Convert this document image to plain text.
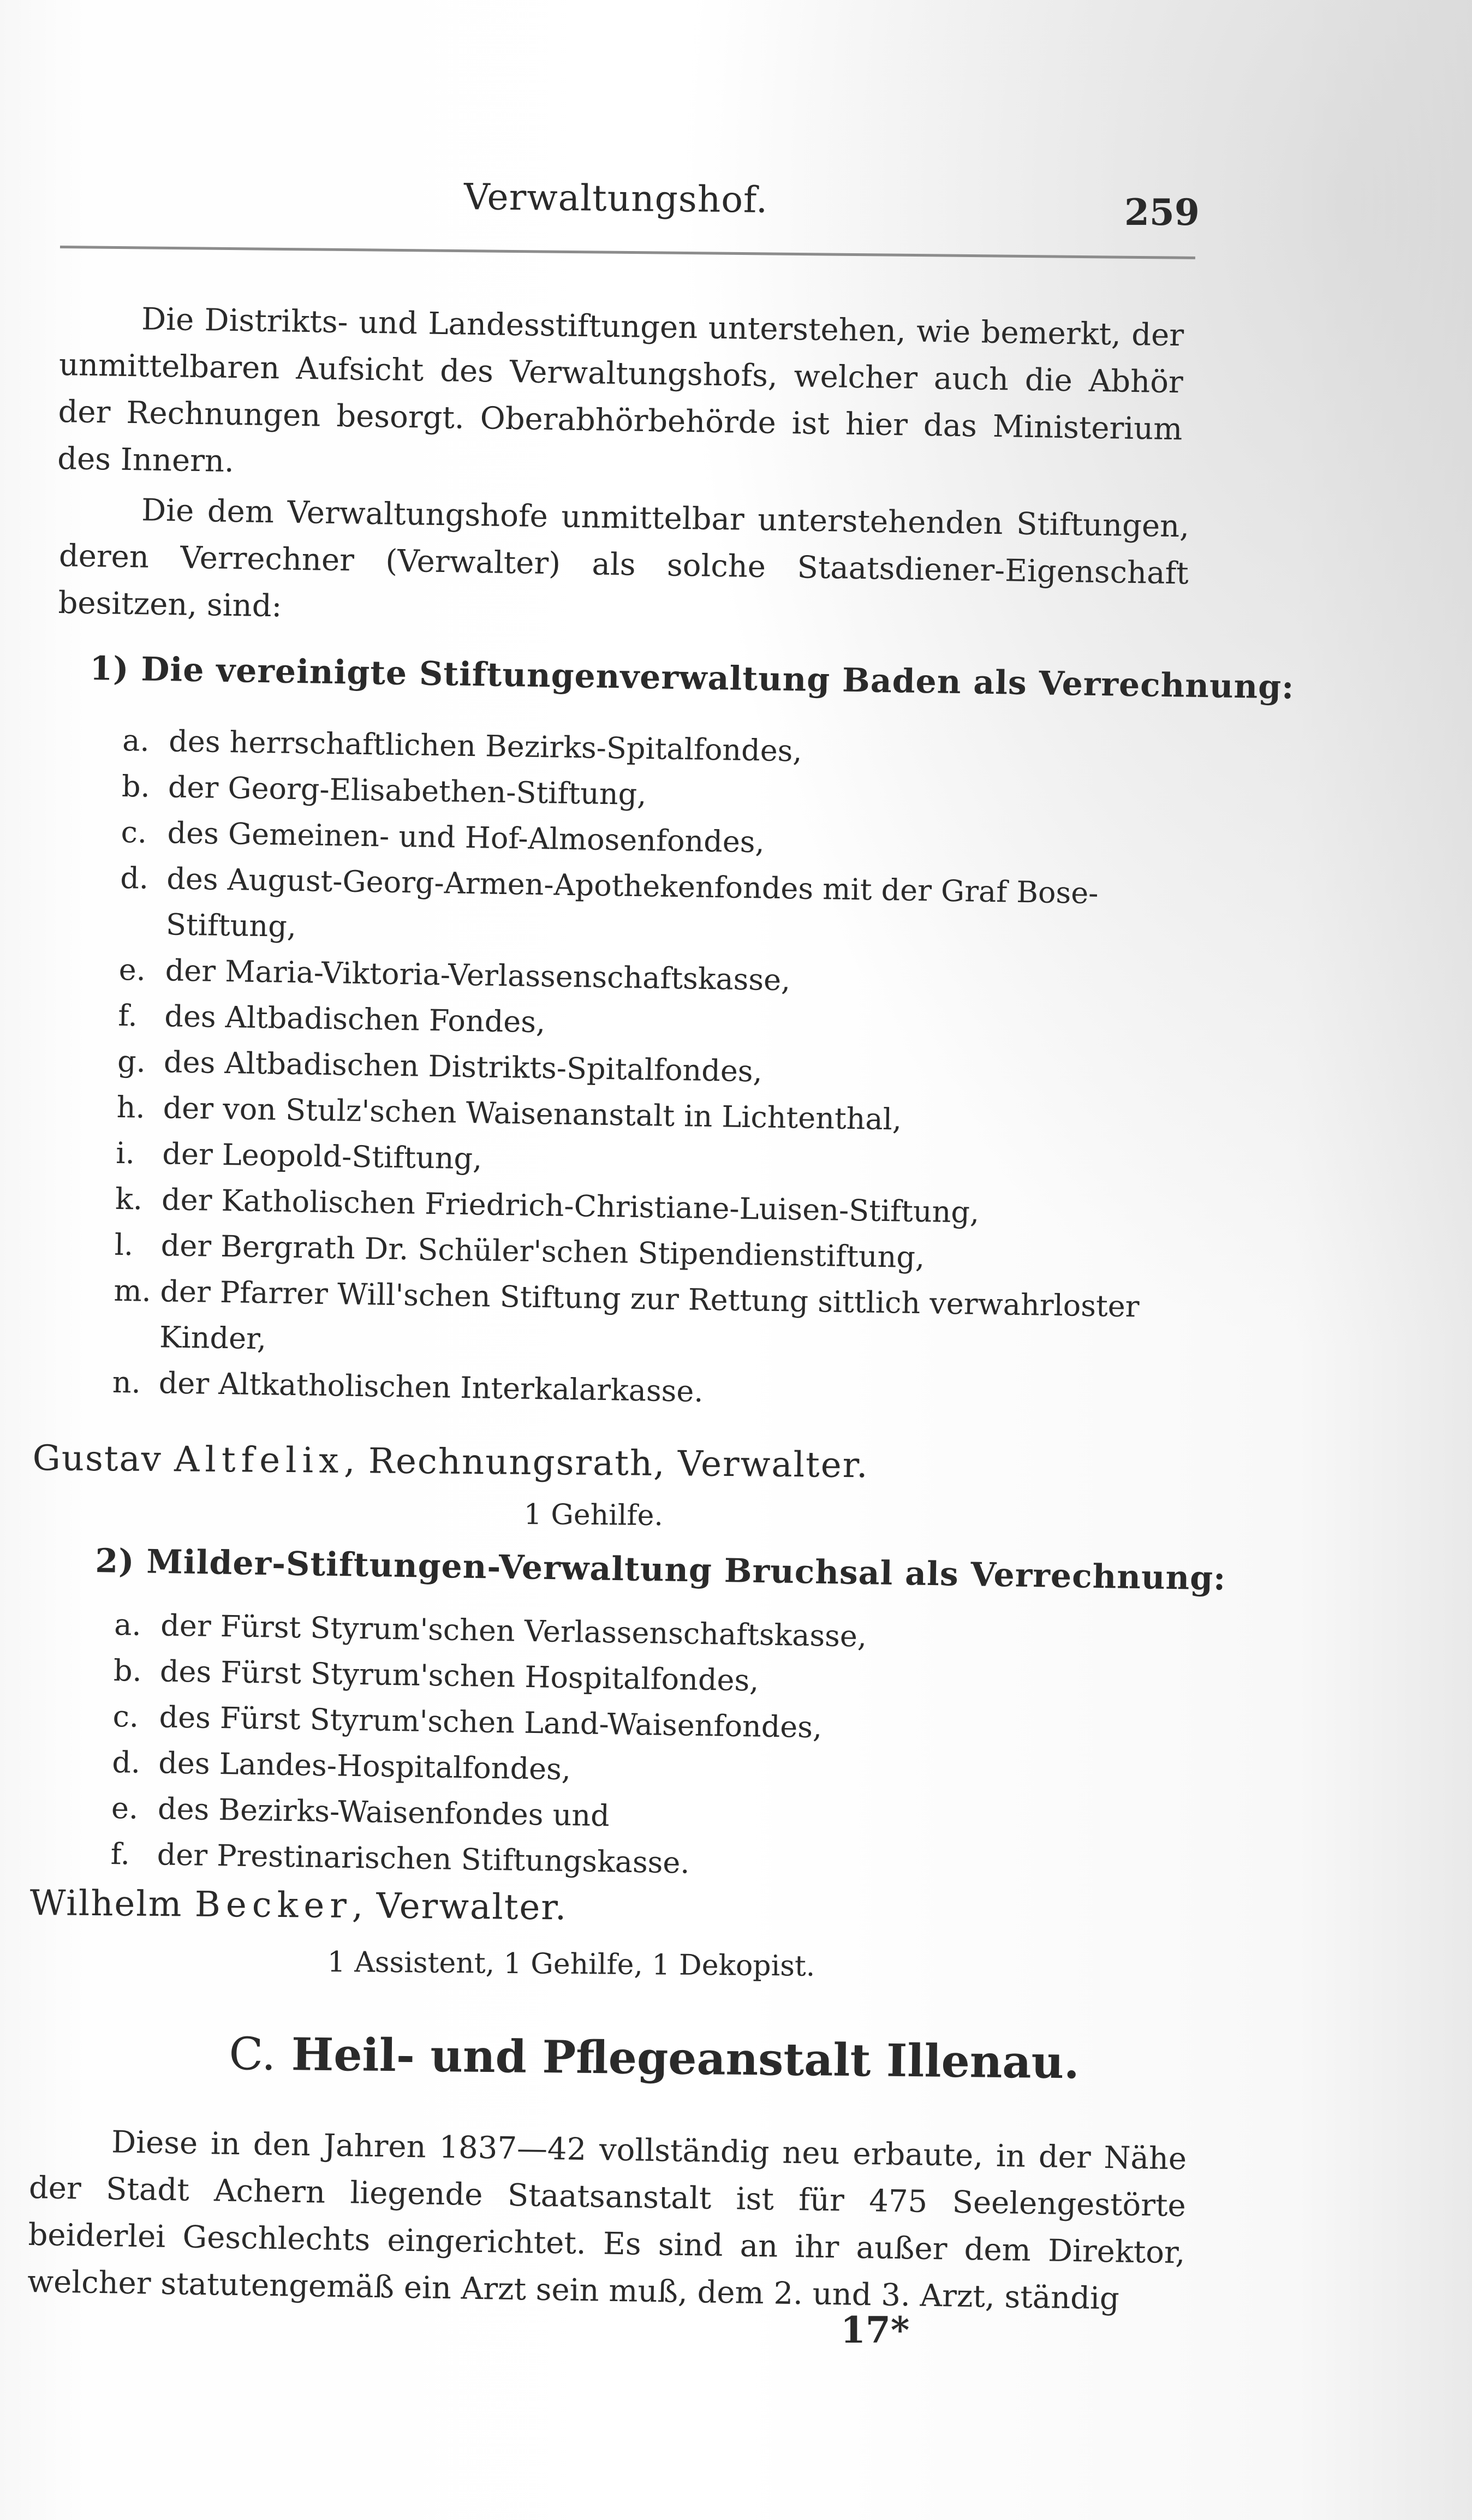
Verwaltungshof.	259

Die Distrikts- und Landesstiftungen unterstehen, wie bemerkt, der unmittelbaren Aufsicht des Verwaltungshofs, welcher auch die Abhör der Rechnungen besorgt. Oberabhörbehörde ist hier das Ministerium des Innern.

Die dem Verwaltungshofe unmittelbar unterstehenden Stiftungen, deren Verrechner (Verwalter) als solche Staatsdiener-Eigenschaft besitzen, sind:

1) Die vereinigte Stiftungenverwaltung Baden als Verrechnung:
a. des herrschaftlichen Bezirks-Spitalfondes,
b. der Georg-Elisabethen-Stiftung,
c. des Gemeinen- und Hof-Almosenfondes,
d. des August-Georg-Armen-Apothekenfondes mit der Graf Bose-Stiftung,
e. der Maria-Viktoria-Verlassenschaftskasse,
f. des Altbadischen Fondes,
g. des Altbadischen Distrikts-Spitalfondes,
h. der von Stulz'schen Waisenanstalt in Lichtenthal,
i. der Leopold-Stiftung,
k. der Katholischen Friedrich-Christiane-Luisen-Stiftung,
l. der Bergrath Dr. Schüler'schen Stipendienstiftung,
m. der Pfarrer Will'schen Stiftung zur Rettung sittlich verwahrloster Kinder,
n. der Altkatholischen Interkalarkasse.
Gustav Altfelix, Rechnungsrath, Verwalter.
1 Gehilfe.
2) Milder-Stiftungen-Verwaltung Bruchsal als Verrechnung:
a. der Fürst Styrum'schen Verlassenschaftskasse,
b. des Fürst Styrum'schen Hospitalfondes,
c. des Fürst Styrum'schen Land-Waisenfondes,
d. des Landes-Hospitalfondes,
e. des Bezirks-Waisenfondes und
f. der Prestinarischen Stiftungskasse.
Wilhelm Becker, Verwalter.
1 Assistent, 1 Gehilfe, 1 Dekopist.
C. Heil- und Pflegeanstalt Illenau.

Diese in den Jahren 1837—42 vollständig neu erbaute, in der Nähe der Stadt Achern liegende Staatsanstalt ist für 475 Seelengestörte beiderlei Geschlechts eingerichtet. Es sind an ihr außer dem Direktor, welcher statutengemäß ein Arzt sein muß, dem 2. und 3. Arzt, ständig

17*
